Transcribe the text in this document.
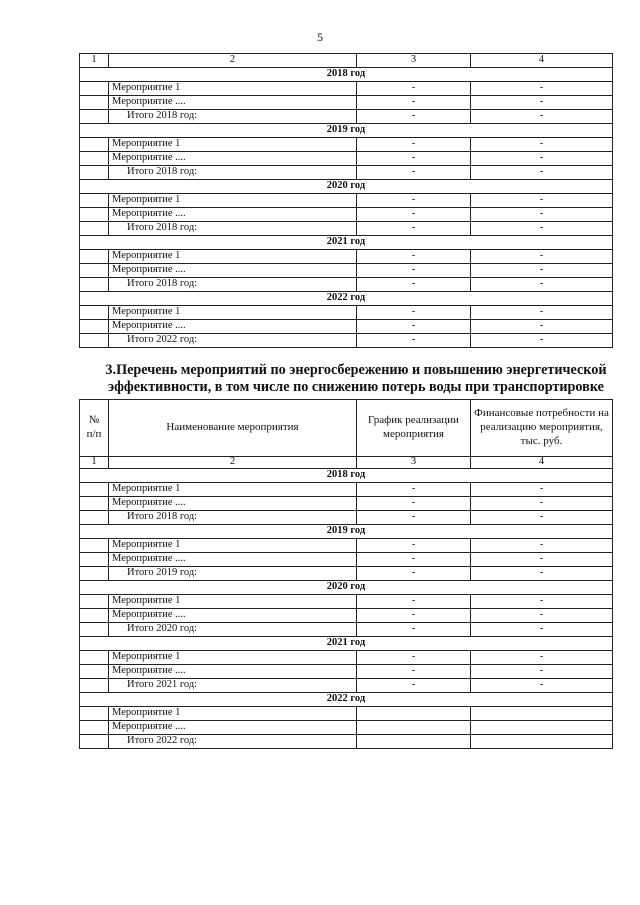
5
1	2	3	4
2018 год			
	Мероприятие 1	-	-
	Мероприятие ....	-	-
	Итого 2018 год:	-	-
2019 год			
	Мероприятие 1	-	-
	Мероприятие ....	-	-
	Итого 2018 год:	-	-
2020 год			
	Мероприятие 1	-	-
	Мероприятие ....	-	-
	Итого 2018 год:	-	-
2021 год			
	Мероприятие 1	-	-
	Мероприятие ....	-	-
	Итого 2018 год:	-	-
2022 год			
	Мероприятие 1	-	-
	Мероприятие ....	-	-
	Итого 2022 год:	-	-
3.Перечень мероприятий по энергосбережению и повышению энергетической эффективности, в том числе по снижению потерь воды при транспортировке
№ п/п	Наименование мероприятия	График реализации мероприятия	Финансовые потребности на реализацию мероприятия, тыс. руб.
1	2	3	4
2018 год			
	Мероприятие 1	-	-
	Мероприятие ....	-	-
	Итого 2018 год:	-	-
2019 год			
	Мероприятие 1	-	-
	Мероприятие ....	-	-
	Итого 2019 год:	-	-
2020 год			
	Мероприятие 1	-	-
	Мероприятие ....	-	-
	Итого 2020 год:	-	-
2021 год			
	Мероприятие 1	-	-
	Мероприятие ....	-	-
	Итого 2021 год:	-	-
2022 год			
	Мероприятие 1		
	Мероприятие ....		
	Итого 2022 год:		
